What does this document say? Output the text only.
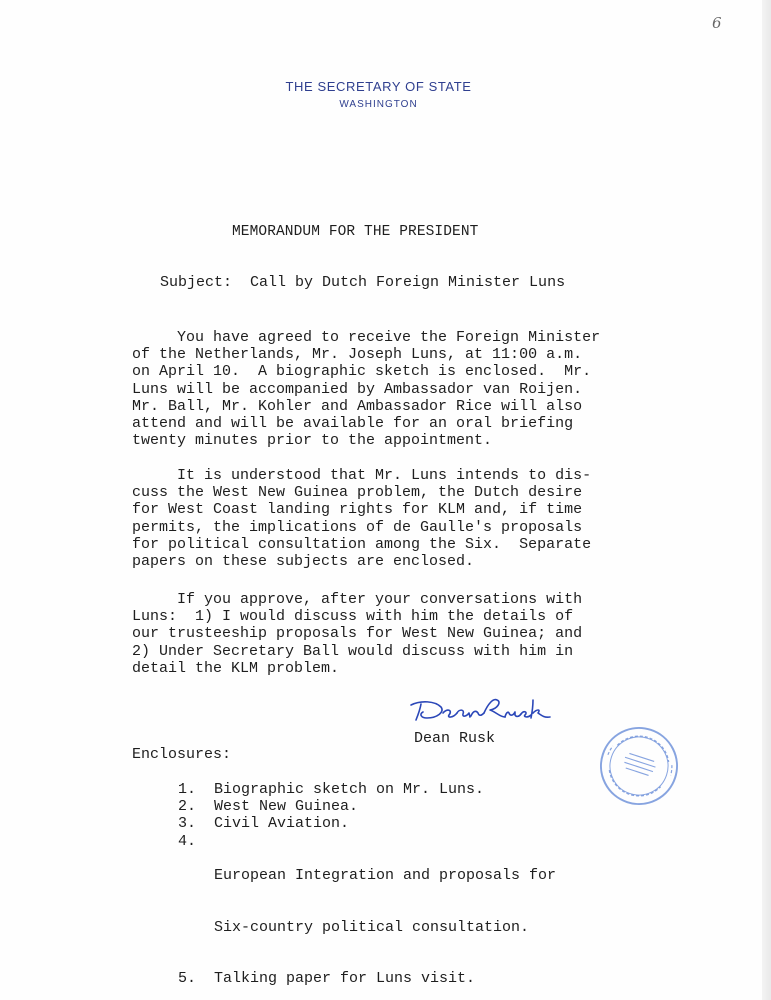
6
THE SECRETARY OF STATE
WASHINGTON
MEMORANDUM FOR THE PRESIDENT
Subject:  Call by Dutch Foreign Minister Luns
You have agreed to receive the Foreign Minister
of the Netherlands, Mr. Joseph Luns, at 11:00 a.m.
on April 10.  A biographic sketch is enclosed.  Mr.
Luns will be accompanied by Ambassador van Roijen.
Mr. Ball, Mr. Kohler and Ambassador Rice will also
attend and will be available for an oral briefing
twenty minutes prior to the appointment.
It is understood that Mr. Luns intends to dis-
cuss the West New Guinea problem, the Dutch desire
for West Coast landing rights for KLM and, if time
permits, the implications of de Gaulle's proposals
for political consultation among the Six.  Separate
papers on these subjects are enclosed.
If you approve, after your conversations with
Luns:  1) I would discuss with him the details of
our trusteeship proposals for West New Guinea; and
2) Under Secretary Ball would discuss with him in
detail the KLM problem.
Dean Rusk
Enclosures:
1.	Biographic sketch on Mr. Luns.
2.	West New Guinea.
3.	Civil Aviation.
4.

European Integration and proposals for

Six-country political consultation.

5.	Talking paper for Luns visit.
